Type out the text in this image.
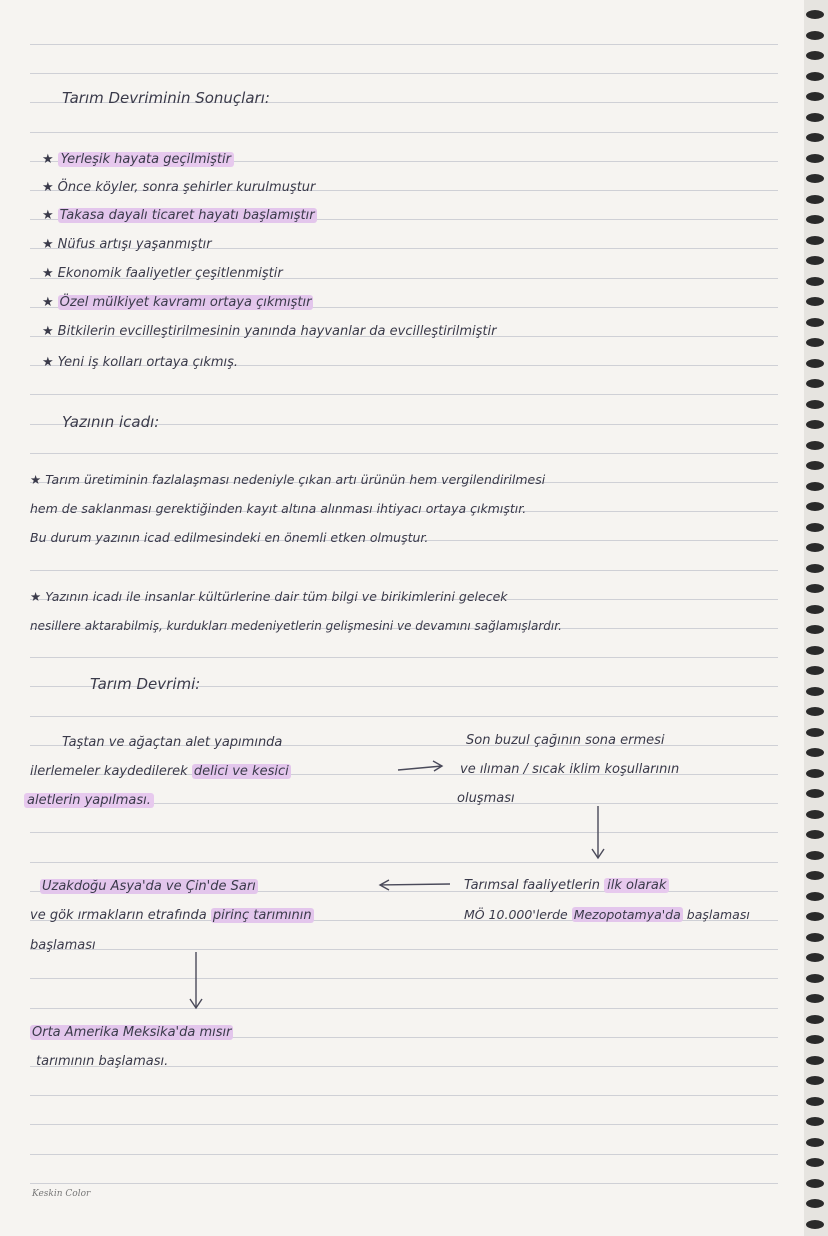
Tarım Devriminin Sonuçları:
★ Yerleşik hayata geçilmiştir
★ Önce köyler, sonra şehirler kurulmuştur
★ Takasa dayalı ticaret hayatı başlamıştır
★ Nüfus artışı yaşanmıştır
★ Ekonomik faaliyetler çeşitlenmiştir
★ Özel mülkiyet kavramı ortaya çıkmıştır
★ Bitkilerin evcilleştirilmesinin yanında hayvanlar da evcilleştirilmiştir
★ Yeni iş kolları ortaya çıkmış.
Yazının icadı:
★ Tarım üretiminin fazlalaşması nedeniyle çıkan artı ürünün hem vergilendirilmesi
hem de saklanması gerektiğinden kayıt altına alınması ihtiyacı ortaya çıkmıştır.
Bu durum yazının icad edilmesindeki en önemli etken olmuştur.
★ Yazının icadı ile insanlar kültürlerine dair tüm bilgi ve birikimlerini gelecek
nesillere aktarabilmiş, kurdukları medeniyetlerin gelişmesini ve devamını sağlamışlardır.
Tarım Devrimi:
Taştan ve ağaçtan alet yapımında
ilerlemeler kaydedilerek delici ve kesici
aletlerin yapılması.
Son buzul çağının sona ermesi
ve ılıman / sıcak iklim koşullarının
oluşması
Tarımsal faaliyetlerin ilk olarak
MÖ 10.000'lerde Mezopotamya'da başlaması
Uzakdoğu Asya'da ve Çin'de Sarı
ve gök ırmakların etrafında pirinç tarımının
başlaması
Orta Amerika Meksika'da mısır
tarımının başlaması.
Keskin Color
